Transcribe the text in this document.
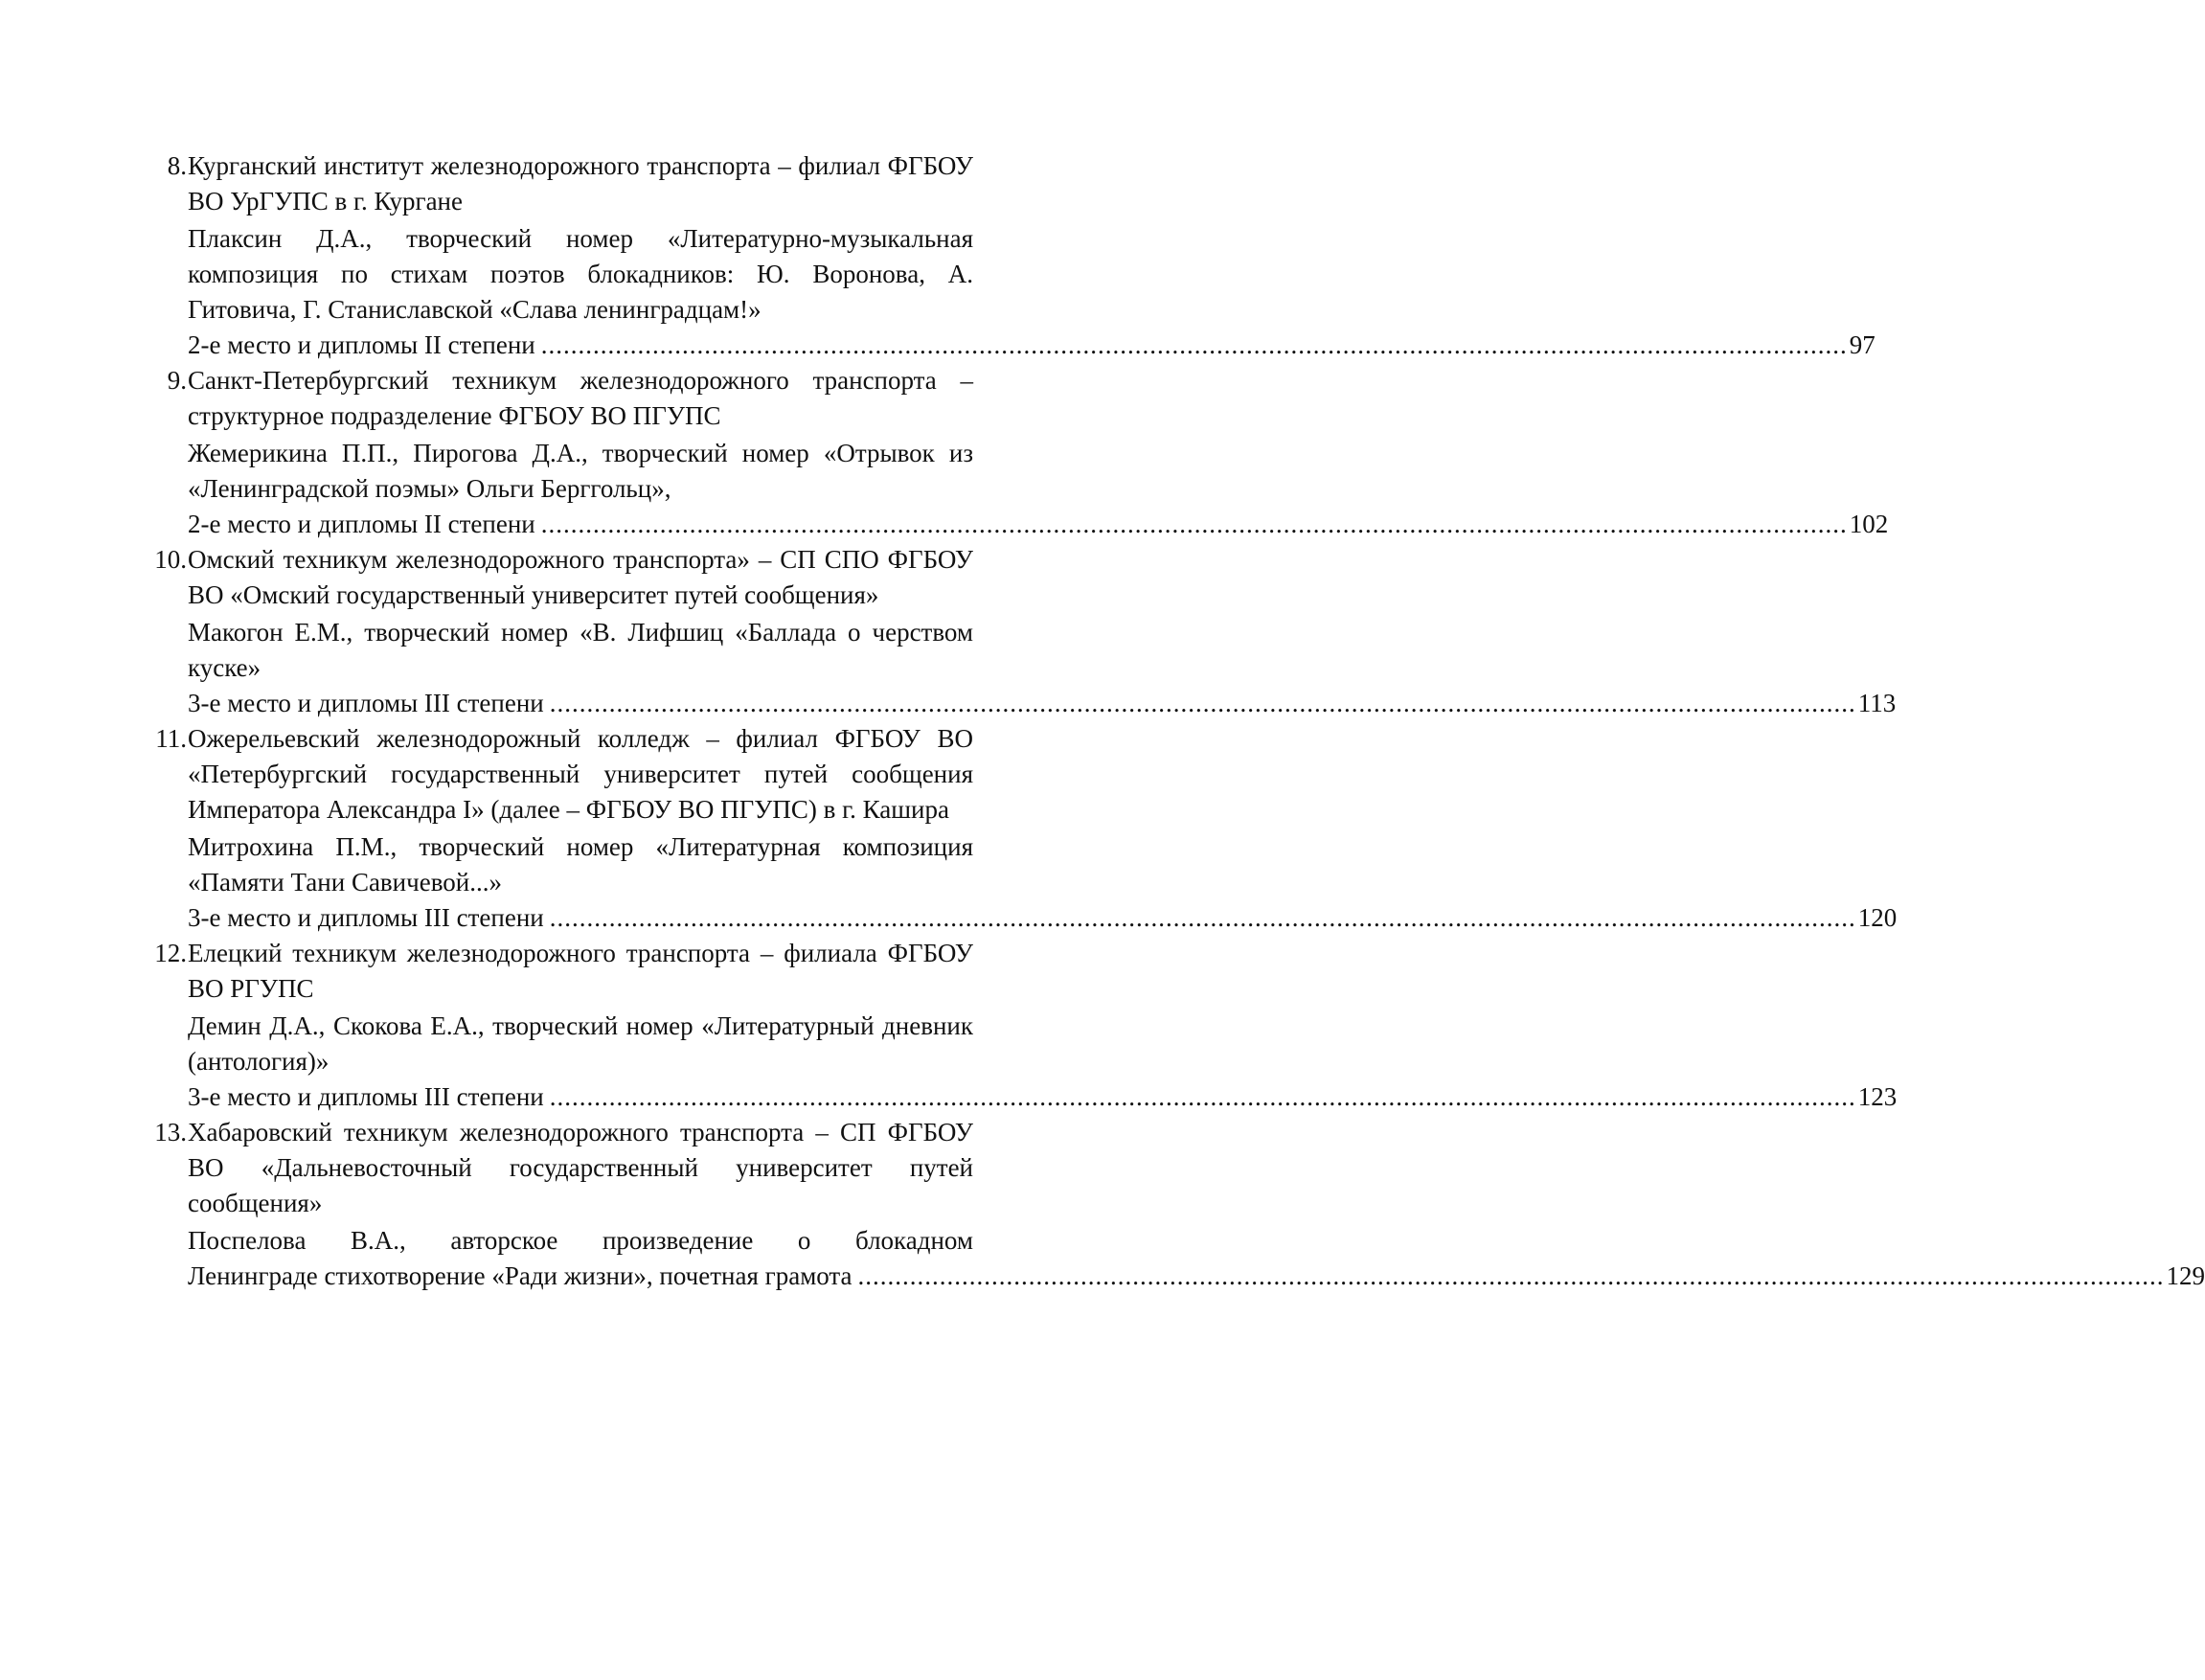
8. Курганский институт железнодорожного транспорта – филиал ФГБОУ ВО УрГУПС в г. Кургане
Плаксин Д.А., творческий номер «Литературно-музыкальная композиция по стихам поэтов блокадников: Ю. Воронова, А. Гитовича, Г. Станиславской «Слава ленинградцам!»
2-е место и дипломы II степени ................................................................................................................................................................................ 97
9. Санкт-Петербургский техникум железнодорожного транспорта – структурное подразделение ФГБОУ ВО ПГУПС
Жемерикина П.П., Пирогова Д.А., творческий номер «Отрывок из «Ленинградской поэмы» Ольги Берггольц»,
2-е место и дипломы II степени ................................................................................................................................................................................ 102
10. Омский техникум железнодорожного транспорта» – СП СПО ФГБОУ ВО «Омский государственный университет путей сообщения»
Макогон Е.М., творческий номер «В. Лифшиц «Баллада о черством куске»
3-е место и дипломы III степени ................................................................................................................................................................................ 113
11. Ожерельевский железнодорожный колледж – филиал ФГБОУ ВО «Петербургский государственный университет путей сообщения Императора Александра I» (далее – ФГБОУ ВО ПГУПС) в г. Кашира
Митрохина П.М., творческий номер «Литературная композиция «Памяти Тани Савичевой...»
3-е место и дипломы III степени ................................................................................................................................................................................ 120
12. Елецкий техникум железнодорожного транспорта – филиала ФГБОУ ВО РГУПС
Демин Д.А., Скокова Е.А., творческий номер «Литературный дневник (антология)»
3-е место и дипломы III степени ................................................................................................................................................................................ 123
13. Хабаровский техникум железнодорожного транспорта – СП ФГБОУ ВО «Дальневосточный государственный университет путей сообщения»
Поспелова В.А., авторское произведение о блокадном
Ленинграде стихотворение «Ради жизни», почетная грамота ................................................................................................................................................................................ 129
